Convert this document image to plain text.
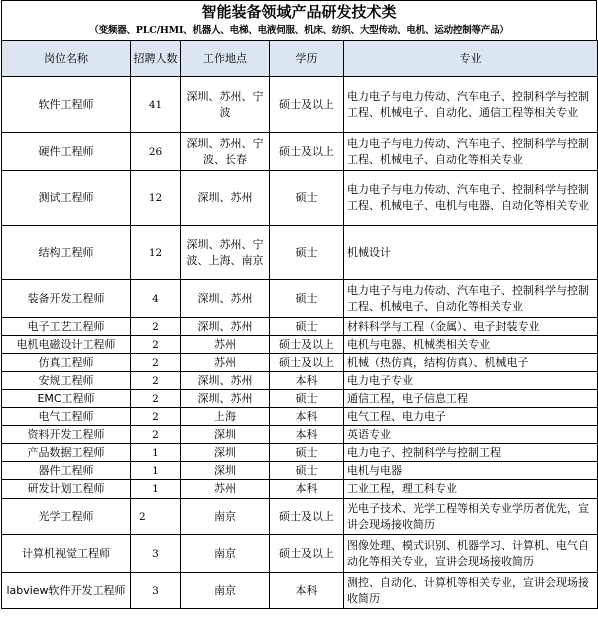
智能装备领域产品研发技术类
（变频器、PLC/HMI、机器人、电梯、电液伺服、机床、纺织、大型传动、电机、运动控制等产品）
岗位名称	招聘人数	工作地点	学历	专业
软件工程师	41	深圳、苏州、宁波	硕士及以上	电力电子与电力传动、汽车电子、控制科学与控制工程、机械电子、自动化、通信工程等相关专业
硬件工程师	26	深圳、苏州、宁波、长春	硕士及以上	电力电子与电力传动、汽车电子、控制科学与控制工程、机械电子、自动化等相关专业
测试工程师	12	深圳、苏州	硕士	电力电子与电力传动、汽车电子、控制科学与控制工程、机械电子、电机与电器、自动化等相关专业
结构工程师	12	深圳、苏州、宁波、上海、南京	硕士	机械设计
装备开发工程师	4	深圳、苏州	硕士	电力电子与电力传动、汽车电子、控制科学与控制工程、机械电子、自动化等相关专业
电子工艺工程师	2	深圳、苏州	硕士	材料科学与工程（金属）、电子封装专业
电机电磁设计工程师	2	苏州	硕士及以上	电机与电器、机械类相关专业
仿真工程师	2	苏州	硕士及以上	机械（热仿真，结构仿真）、机械电子
安规工程师	2	深圳、苏州	本科	电力电子专业
EMC工程师	2	深圳、苏州	硕士	通信工程，电子信息工程
电气工程师	2	上海	本科	电气工程、电力电子
资料开发工程师	2	深圳	本科	英语专业
产品数据工程师	1	深圳	硕士	电力电子、控制科学与控制工程
器件工程师	1	深圳	硕士	电机与电器
研发计划工程师	1	苏州	本科	工业工程，理工科专业
光学工程师	2	南京	硕士及以上	光电子技术、光学工程等相关专业学历者优先，宣讲会现场接收简历
计算机视觉工程师	3	南京	硕士及以上	图像处理、模式识别、机器学习、计算机、电气自动化等相关专业，宣讲会现场接收简历
labview软件开发工程师	3	南京	本科	测控、自动化、计算机等相关专业，宣讲会现场接收简历
